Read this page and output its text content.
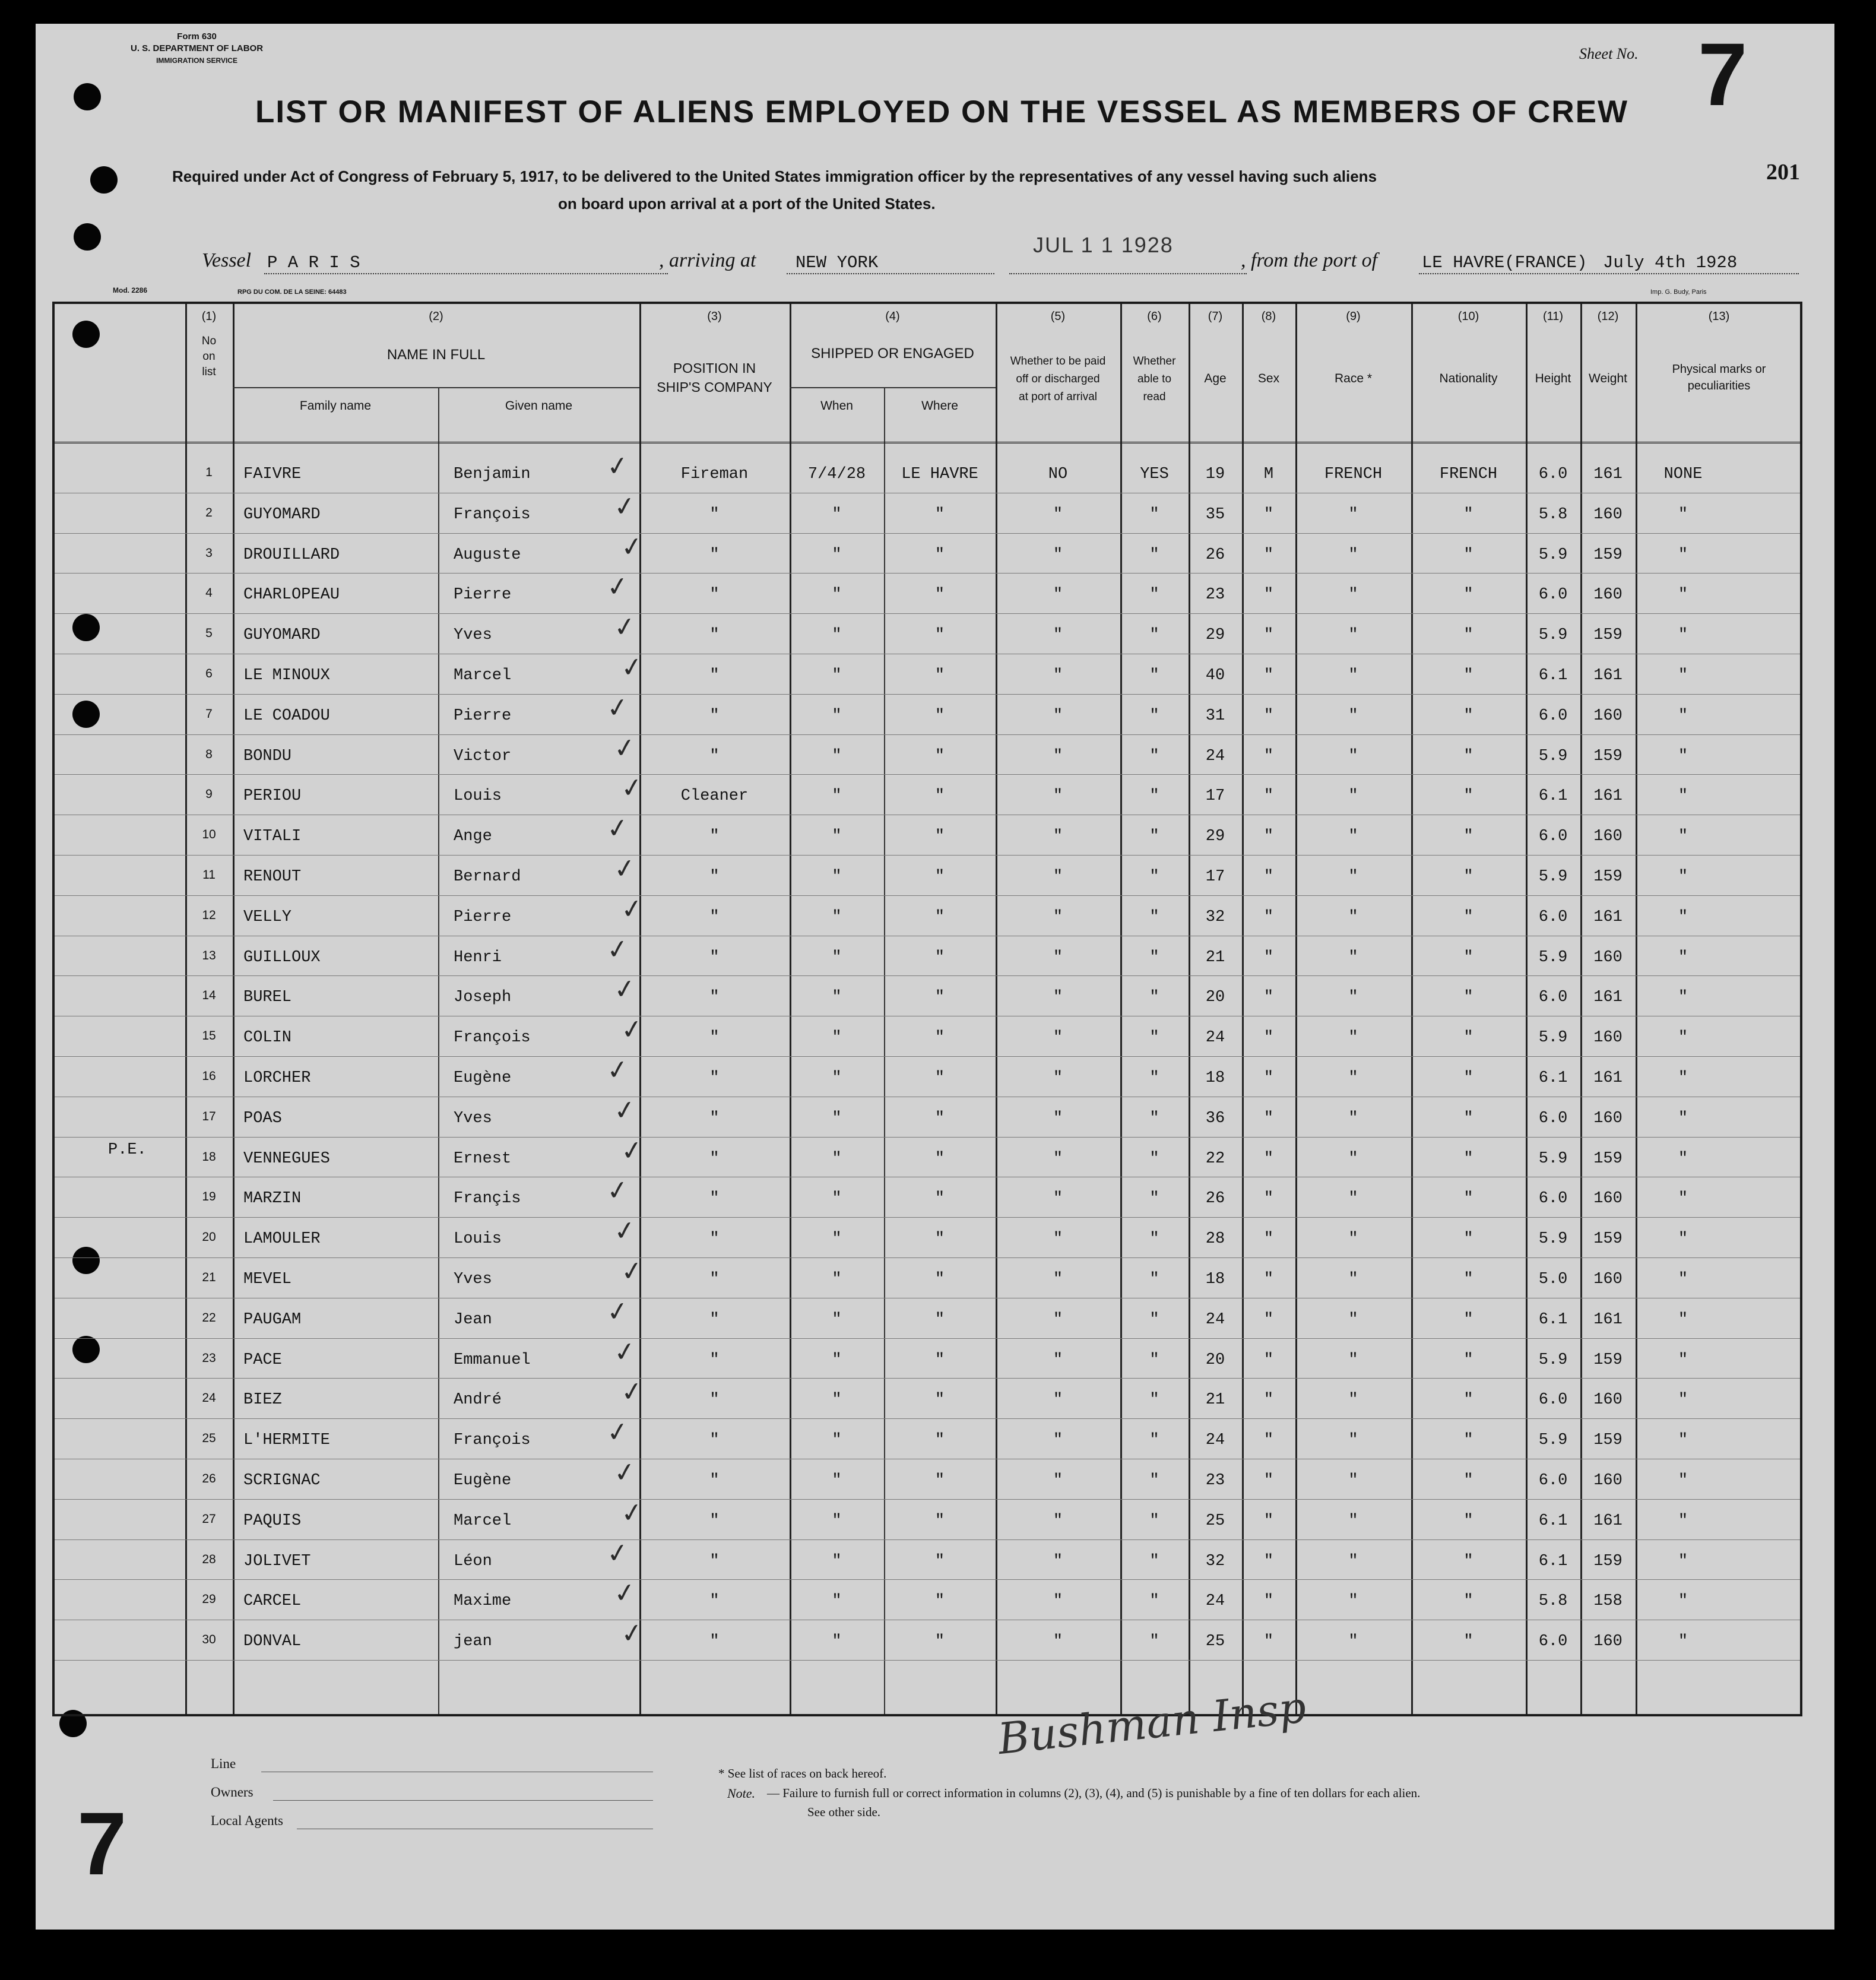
Form 630
U. S. DEPARTMENT OF LABOR
IMMIGRATION SERVICE	Sheet No. 7
201
LIST OR MANIFEST OF ALIENS EMPLOYED ON THE VESSEL AS MEMBERS OF CREW
Required under Act of Congress of February 5, 1917, to be delivered to the United States immigration officer by the representatives of any vessel having such aliens
on board upon arrival at a port of the United States.
Vessel P A R I S	, arriving at NEW YORK
JUL 1 1 1928
, from the port of	LE HAVRE(FRANCE) July 4th 1928
Mod. 2286	RPG DU COM. DE LA SEINE: 64483	Imp. G. Budy, Paris
(1)
No
on
list
(2)
NAME IN FULL
Family name	Given name
(3)
POSITION IN
SHIP'S COMPANY
(4)
SHIPPED OR ENGAGED
When	Where
(5)
Whether to be paid
off or discharged
at port of arrival
(6)
Whether
able to
read
(7)
Age
(8)
Sex
(9)
Race *
(10)
Nationality
(11)
Height
(12)
Weight
(13)
Physical marks or
peculiarities
P.E.
1	FAIVRE	Benjamin	Fireman	7/4/28	LE HAVRE	NO	YES	19	M	FRENCH	FRENCH	6.0	161	NONE
✓
2	GUYOMARD	François	"	"	"	"	"	35	"	"	"	5.8	160	"
✓
3	DROUILLARD	Auguste	"	"	"	"	"	26	"	"	"	5.9	159	"
✓
4	CHARLOPEAU	Pierre	"	"	"	"	"	23	"	"	"	6.0	160	"
✓
5	GUYOMARD	Yves	"	"	"	"	"	29	"	"	"	5.9	159	"
✓
6	LE MINOUX	Marcel	"	"	"	"	"	40	"	"	"	6.1	161	"
✓
7	LE COADOU	Pierre	"	"	"	"	"	31	"	"	"	6.0	160	"
✓
8	BONDU	Victor	"	"	"	"	"	24	"	"	"	5.9	159	"
✓
9	PERIOU	Louis	Cleaner	"	"	"	"	17	"	"	"	6.1	161	"
✓
10	VITALI	Ange	"	"	"	"	"	29	"	"	"	6.0	160	"
✓
11	RENOUT	Bernard	"	"	"	"	"	17	"	"	"	5.9	159	"
✓
12	VELLY	Pierre	"	"	"	"	"	32	"	"	"	6.0	161	"
✓
13	GUILLOUX	Henri	"	"	"	"	"	21	"	"	"	5.9	160	"
✓
14	BUREL	Joseph	"	"	"	"	"	20	"	"	"	6.0	161	"
✓
15	COLIN	François	"	"	"	"	"	24	"	"	"	5.9	160	"
✓
16	LORCHER	Eugène	"	"	"	"	"	18	"	"	"	6.1	161	"
✓
17	POAS	Yves	"	"	"	"	"	36	"	"	"	6.0	160	"
✓
18	VENNEGUES	Ernest	"	"	"	"	"	22	"	"	"	5.9	159	"
✓
19	MARZIN	Françis	"	"	"	"	"	26	"	"	"	6.0	160	"
✓
20	LAMOULER	Louis	"	"	"	"	"	28	"	"	"	5.9	159	"
✓
21	MEVEL	Yves	"	"	"	"	"	18	"	"	"	5.0	160	"
✓
22	PAUGAM	Jean	"	"	"	"	"	24	"	"	"	6.1	161	"
✓
23	PACE	Emmanuel	"	"	"	"	"	20	"	"	"	5.9	159	"
✓
24	BIEZ	André	"	"	"	"	"	21	"	"	"	6.0	160	"
✓
25	L'HERMITE	François	"	"	"	"	"	24	"	"	"	5.9	159	"
✓
26	SCRIGNAC	Eugène	"	"	"	"	"	23	"	"	"	6.0	160	"
✓
27	PAQUIS	Marcel	"	"	"	"	"	25	"	"	"	6.1	161	"
✓
28	JOLIVET	Léon	"	"	"	"	"	32	"	"	"	6.1	159	"
✓
29	CARCEL	Maxime	"	"	"	"	"	24	"	"	"	5.8	158	"
✓
30	DONVAL	jean	"	"	"	"	"	25	"	"	"	6.0	160	"
✓
Line
Owners
Local Agents
* See list of races on back hereof.
Note. — Failure to furnish full or correct information in columns (2), (3), (4), and (5) is punishable by a fine of ten dollars for each alien.
See other side.
Bushman Insp
7
